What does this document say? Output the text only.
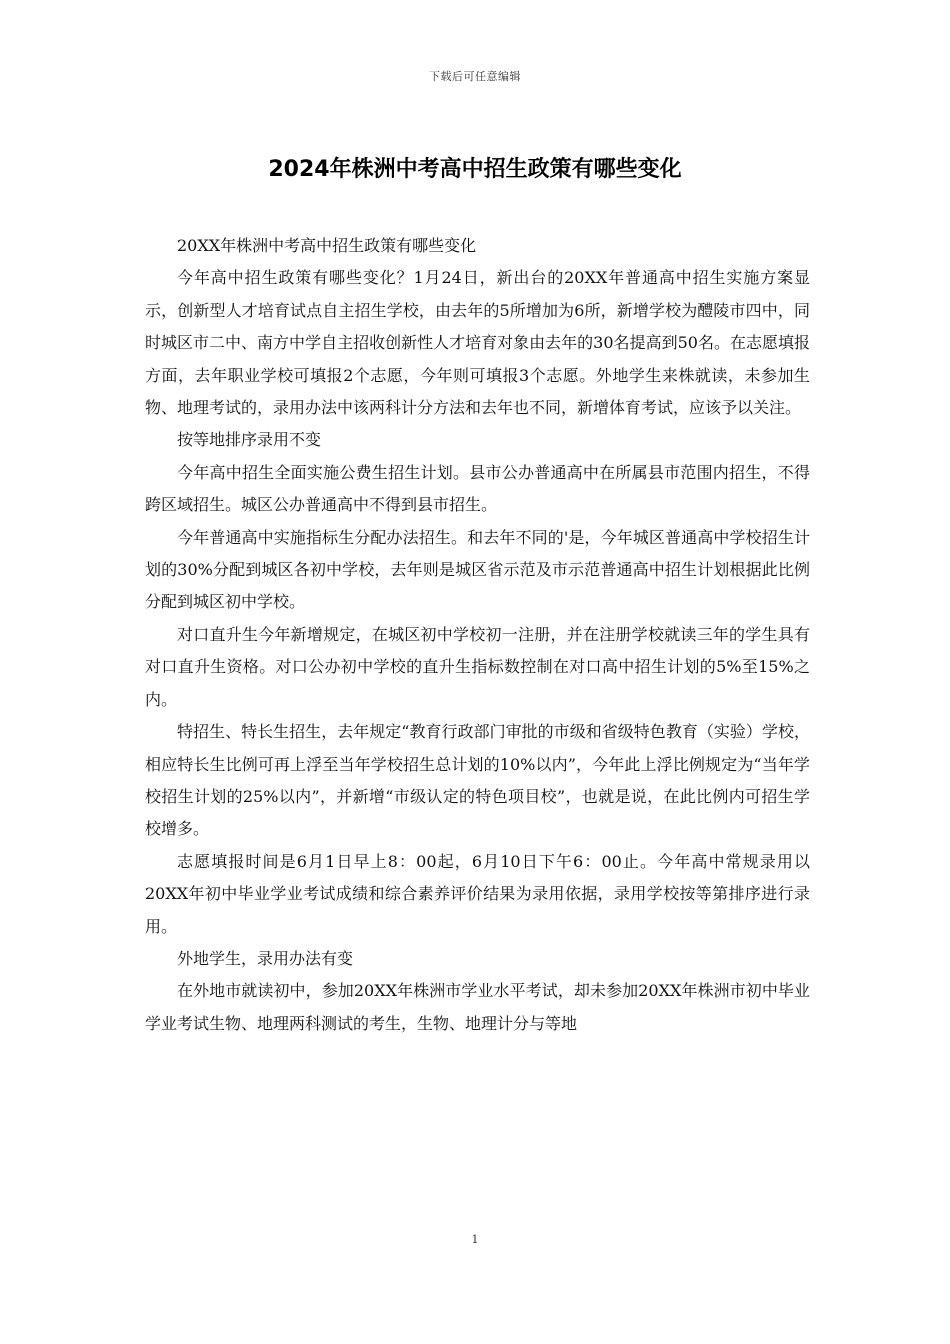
下载后可任意编辑
2024年株洲中考高中招生政策有哪些变化

20XX年株洲中考高中招生政策有哪些变化

今年高中招生政策有哪些变化？1月24日，新出台的20XX年普通高中招生实施方案显示，创新型人才培育试点自主招生学校，由去年的5所增加为6所，新增学校为醴陵市四中，同时城区市二中、南方中学自主招收创新性人才培育对象由去年的30名提高到50名。在志愿填报方面，去年职业学校可填报2个志愿，今年则可填报3个志愿。外地学生来株就读，未参加生物、地理考试的，录用办法中该两科计分方法和去年也不同，新增体育考试，应该予以关注。

按等地排序录用不变

今年高中招生全面实施公费生招生计划。县市公办普通高中在所属县市范围内招生，不得跨区域招生。城区公办普通高中不得到县市招生。

今年普通高中实施指标生分配办法招生。和去年不同的'是，今年城区普通高中学校招生计划的30%分配到城区各初中学校，去年则是城区省示范及市示范普通高中招生计划根据此比例分配到城区初中学校。

对口直升生今年新增规定，在城区初中学校初一注册，并在注册学校就读三年的学生具有对口直升生资格。对口公办初中学校的直升生指标数控制在对口高中招生计划的5%至15%之内。

特招生、特长生招生，去年规定“教育行政部门审批的市级和省级特色教育（实验）学校，相应特长生比例可再上浮至当年学校招生总计划的10%以内”，今年此上浮比例规定为“当年学校招生计划的25%以内”，并新增“市级认定的特色项目校”，也就是说，在此比例内可招生学校增多。

志愿填报时间是6月1日早上8：00起，6月10日下午6：00止。今年高中常规录用以20XX年初中毕业学业考试成绩和综合素养评价结果为录用依据，录用学校按等第排序进行录用。

外地学生，录用办法有变

在外地市就读初中，参加20XX年株洲市学业水平考试，却未参加20XX年株洲市初中毕业学业考试生物、地理两科测试的考生，生物、地理计分与等地

1
